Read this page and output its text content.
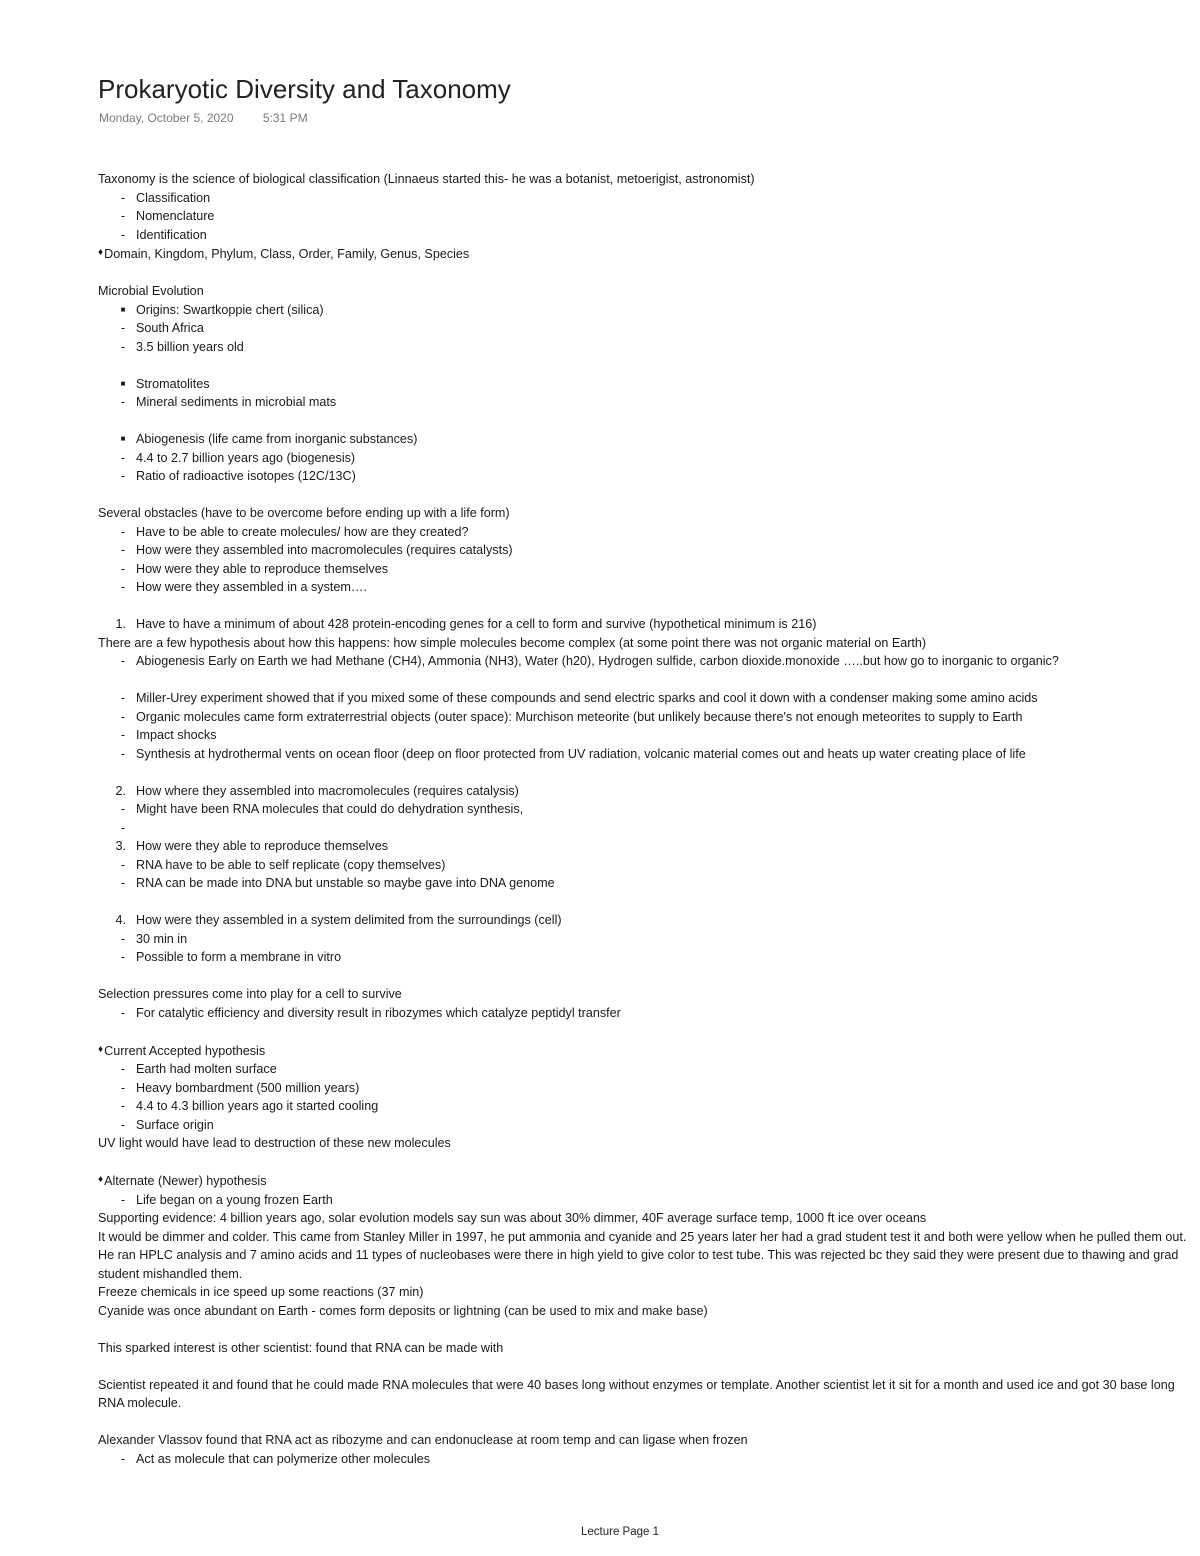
Prokaryotic Diversity and Taxonomy
Monday, October 5, 2020 5:31 PM
Taxonomy is the science of biological classification (Linnaeus started this- he was a botanist, metoerigist, astronomist)
- Classification
- Nomenclature
- Identification
♦Domain, Kingdom, Phylum, Class, Order, Family, Genus, Species
Microbial Evolution
■ Origins: Swartkoppie chert (silica)
- South Africa
- 3.5 billion years old
■ Stromatolites
- Mineral sediments in microbial mats
■ Abiogenesis (life came from inorganic substances)
- 4.4 to 2.7 billion years ago (biogenesis)
- Ratio of radioactive isotopes (12C/13C)
Several obstacles (have to be overcome before ending up with a life form)
- Have to be able to create molecules/ how are they created?
- How were they assembled into macromolecules (requires catalysts)
- How were they able to reproduce themselves
- How were they assembled in a system….
1. Have to have a minimum of about 428 protein-encoding genes for a cell to form and survive (hypothetical minimum is 216)
There are a few hypothesis about how this happens: how simple molecules become complex (at some point there was not organic material on Earth)
- Abiogenesis Early on Earth we had Methane (CH4), Ammonia (NH3), Water (h20), Hydrogen sulfide, carbon dioxide.monoxide …..but how go to inorganic to organic?
- Miller-Urey experiment showed that if you mixed some of these compounds and send electric sparks and cool it down with a condenser making some amino acids
- Organic molecules came form extraterrestrial objects (outer space): Murchison meteorite (but unlikely because there's not enough meteorites to supply to Earth
- Impact shocks
- Synthesis at hydrothermal vents on ocean floor (deep on floor protected from UV radiation, volcanic material comes out and heats up water creating place of life
2. How where they assembled into macromolecules (requires catalysis)
- Might have been RNA molecules that could do dehydration synthesis,
-
3. How were they able to reproduce themselves
- RNA have to be able to self replicate (copy themselves)
- RNA can be made into DNA but unstable so maybe gave into DNA genome
4. How were they assembled in a system delimited from the surroundings (cell)
- 30 min in
- Possible to form a membrane in vitro
Selection pressures come into play for a cell to survive
- For catalytic efficiency and diversity result in ribozymes which catalyze peptidyl transfer
♦Current Accepted hypothesis
- Earth had molten surface
- Heavy bombardment (500 million years)
- 4.4 to 4.3 billion years ago it started cooling
- Surface origin
UV light would have lead to destruction of these new molecules
♦Alternate (Newer) hypothesis
- Life began on a young frozen Earth
Supporting evidence: 4 billion years ago, solar evolution models say sun was about 30% dimmer, 40F average surface temp, 1000 ft ice over oceans
It would be dimmer and colder. This came from Stanley Miller in 1997, he put ammonia and cyanide and 25 years later her had a grad student test it and both were yellow when he pulled them out. He ran HPLC analysis and 7 amino acids and 11 types of nucleobases were there in high yield to give color to test tube. This was rejected bc they said they were present due to thawing and grad student mishandled them.
Freeze chemicals in ice speed up some reactions (37 min)
Cyanide was once abundant on Earth - comes form deposits or lightning (can be used to mix and make base)
This sparked interest is other scientist: found that RNA can be made with
Scientist repeated it and found that he could made RNA molecules that were 40 bases long without enzymes or template. Another scientist let it sit for a month and used ice and got 30 base long RNA molecule.
Alexander Vlassov found that RNA act as ribozyme and can endonuclease at room temp and can ligase when frozen
- Act as molecule that can polymerize other molecules
Lecture Page 1
